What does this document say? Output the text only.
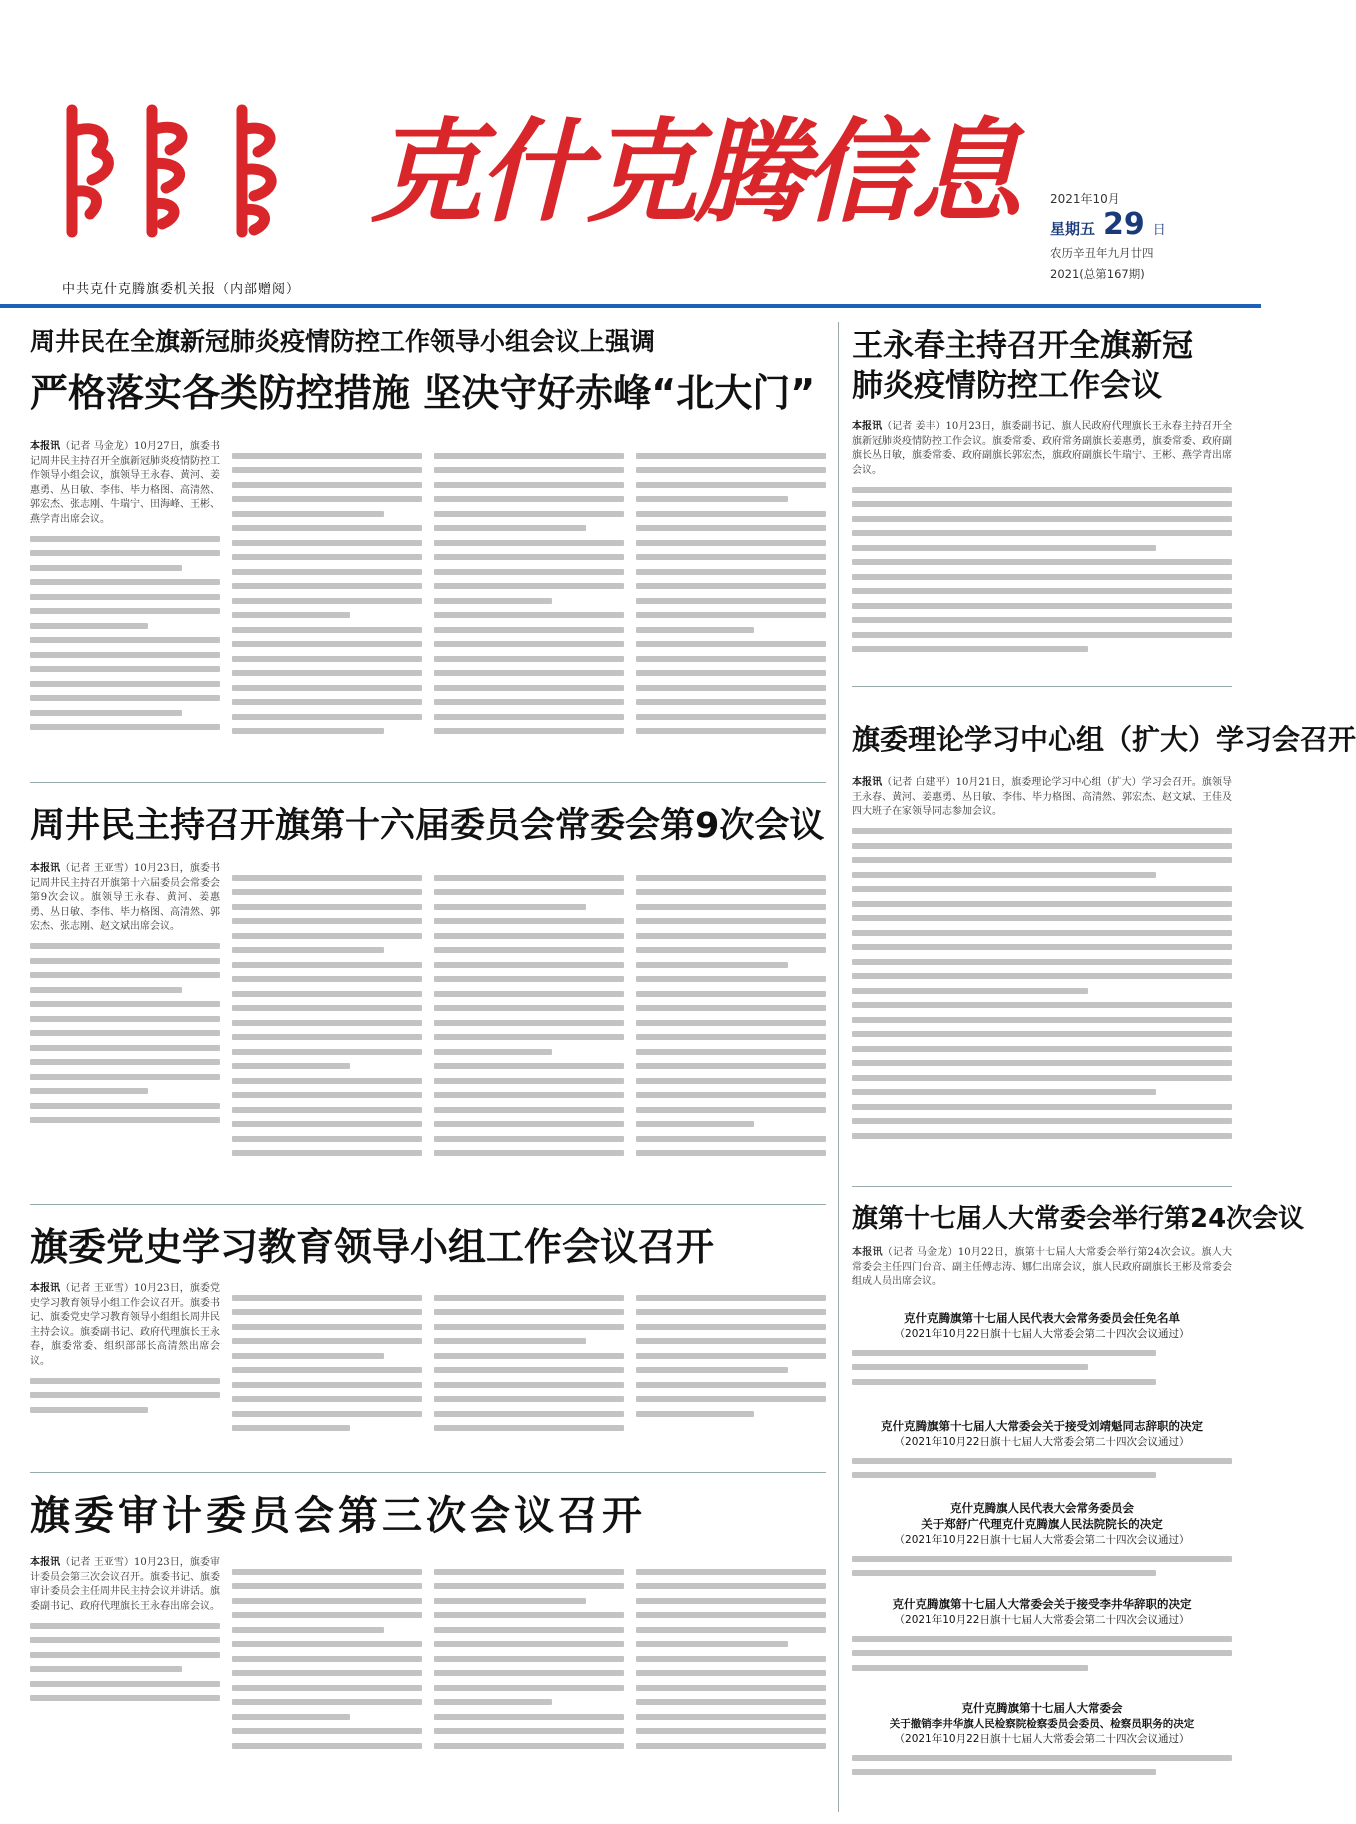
克什克腾信息
中共克什克腾旗委机关报（内部赠阅）
2021年10月
星期五 29 日
农历辛丑年九月廿四
2021(总第167期)
周井民在全旗新冠肺炎疫情防控工作领导小组会议上强调
严格落实各类防控措施 坚决守好赤峰“北大门”
本报讯（记者 马金龙）10月27日，旗委书记周井民主持召开全旗新冠肺炎疫情防控工作领导小组会议，旗领导王永春、黄河、姜惠勇、丛日敏、李伟、毕力格图、高清然、郭宏杰、张志刚、牛瑞宁、田海峰、王彬、燕学青出席会议。
周井民主持召开旗第十六届委员会常委会第9次会议
本报讯（记者 王亚雪）10月23日，旗委书记周井民主持召开旗第十六届委员会常委会第9次会议。旗领导王永春、黄河、姜惠勇、丛日敏、李伟、毕力格图、高清然、郭宏杰、张志刚、赵文斌出席会议。
旗委党史学习教育领导小组工作会议召开
本报讯（记者 王亚雪）10月23日，旗委党史学习教育领导小组工作会议召开。旗委书记、旗委党史学习教育领导小组组长周井民主持会议。旗委副书记、政府代理旗长王永春，旗委常委、组织部部长高清然出席会议。
旗委审计委员会第三次会议召开
本报讯（记者 王亚雪）10月23日，旗委审计委员会第三次会议召开。旗委书记、旗委审计委员会主任周井民主持会议并讲话。旗委副书记、政府代理旗长王永春出席会议。
王永春主持召开全旗新冠
肺炎疫情防控工作会议
本报讯（记者 姜丰）10月23日，旗委副书记、旗人民政府代理旗长王永春主持召开全旗新冠肺炎疫情防控工作会议。旗委常委、政府常务副旗长姜惠勇，旗委常委、政府副旗长丛日敏，旗委常委、政府副旗长郭宏杰，旗政府副旗长牛瑞宁、王彬、燕学青出席会议。
旗委理论学习中心组（扩大）学习会召开
本报讯（记者 白建平）10月21日，旗委理论学习中心组（扩大）学习会召开。旗领导王永春、黄河、姜惠勇、丛日敏、李伟、毕力格图、高清然、郭宏杰、赵文斌、王佳及四大班子在家领导同志参加会议。
旗第十七届人大常委会举行第24次会议
本报讯（记者 马金龙）10月22日，旗第十七届人大常委会举行第24次会议。旗人大常委会主任四门台音、副主任傅志涛、娜仁出席会议，旗人民政府副旗长王彬及常委会组成人员出席会议。
克什克腾旗第十七届人民代表大会常务委员会任免名单
（2021年10月22日旗十七届人大常委会第二十四次会议通过）
克什克腾旗第十七届人大常委会关于接受刘靖魁同志辞职的决定
（2021年10月22日旗十七届人大常委会第二十四次会议通过）
克什克腾旗人民代表大会常务委员会
关于郑舒广代理克什克腾旗人民法院院长的决定
（2021年10月22日旗十七届人大常委会第二十四次会议通过）
克什克腾旗第十七届人大常委会关于接受李井华辞职的决定
（2021年10月22日旗十七届人大常委会第二十四次会议通过）
克什克腾旗第十七届人大常委会
关于撤销李井华旗人民检察院检察委员会委员、检察员职务的决定
（2021年10月22日旗十七届人大常委会第二十四次会议通过）
